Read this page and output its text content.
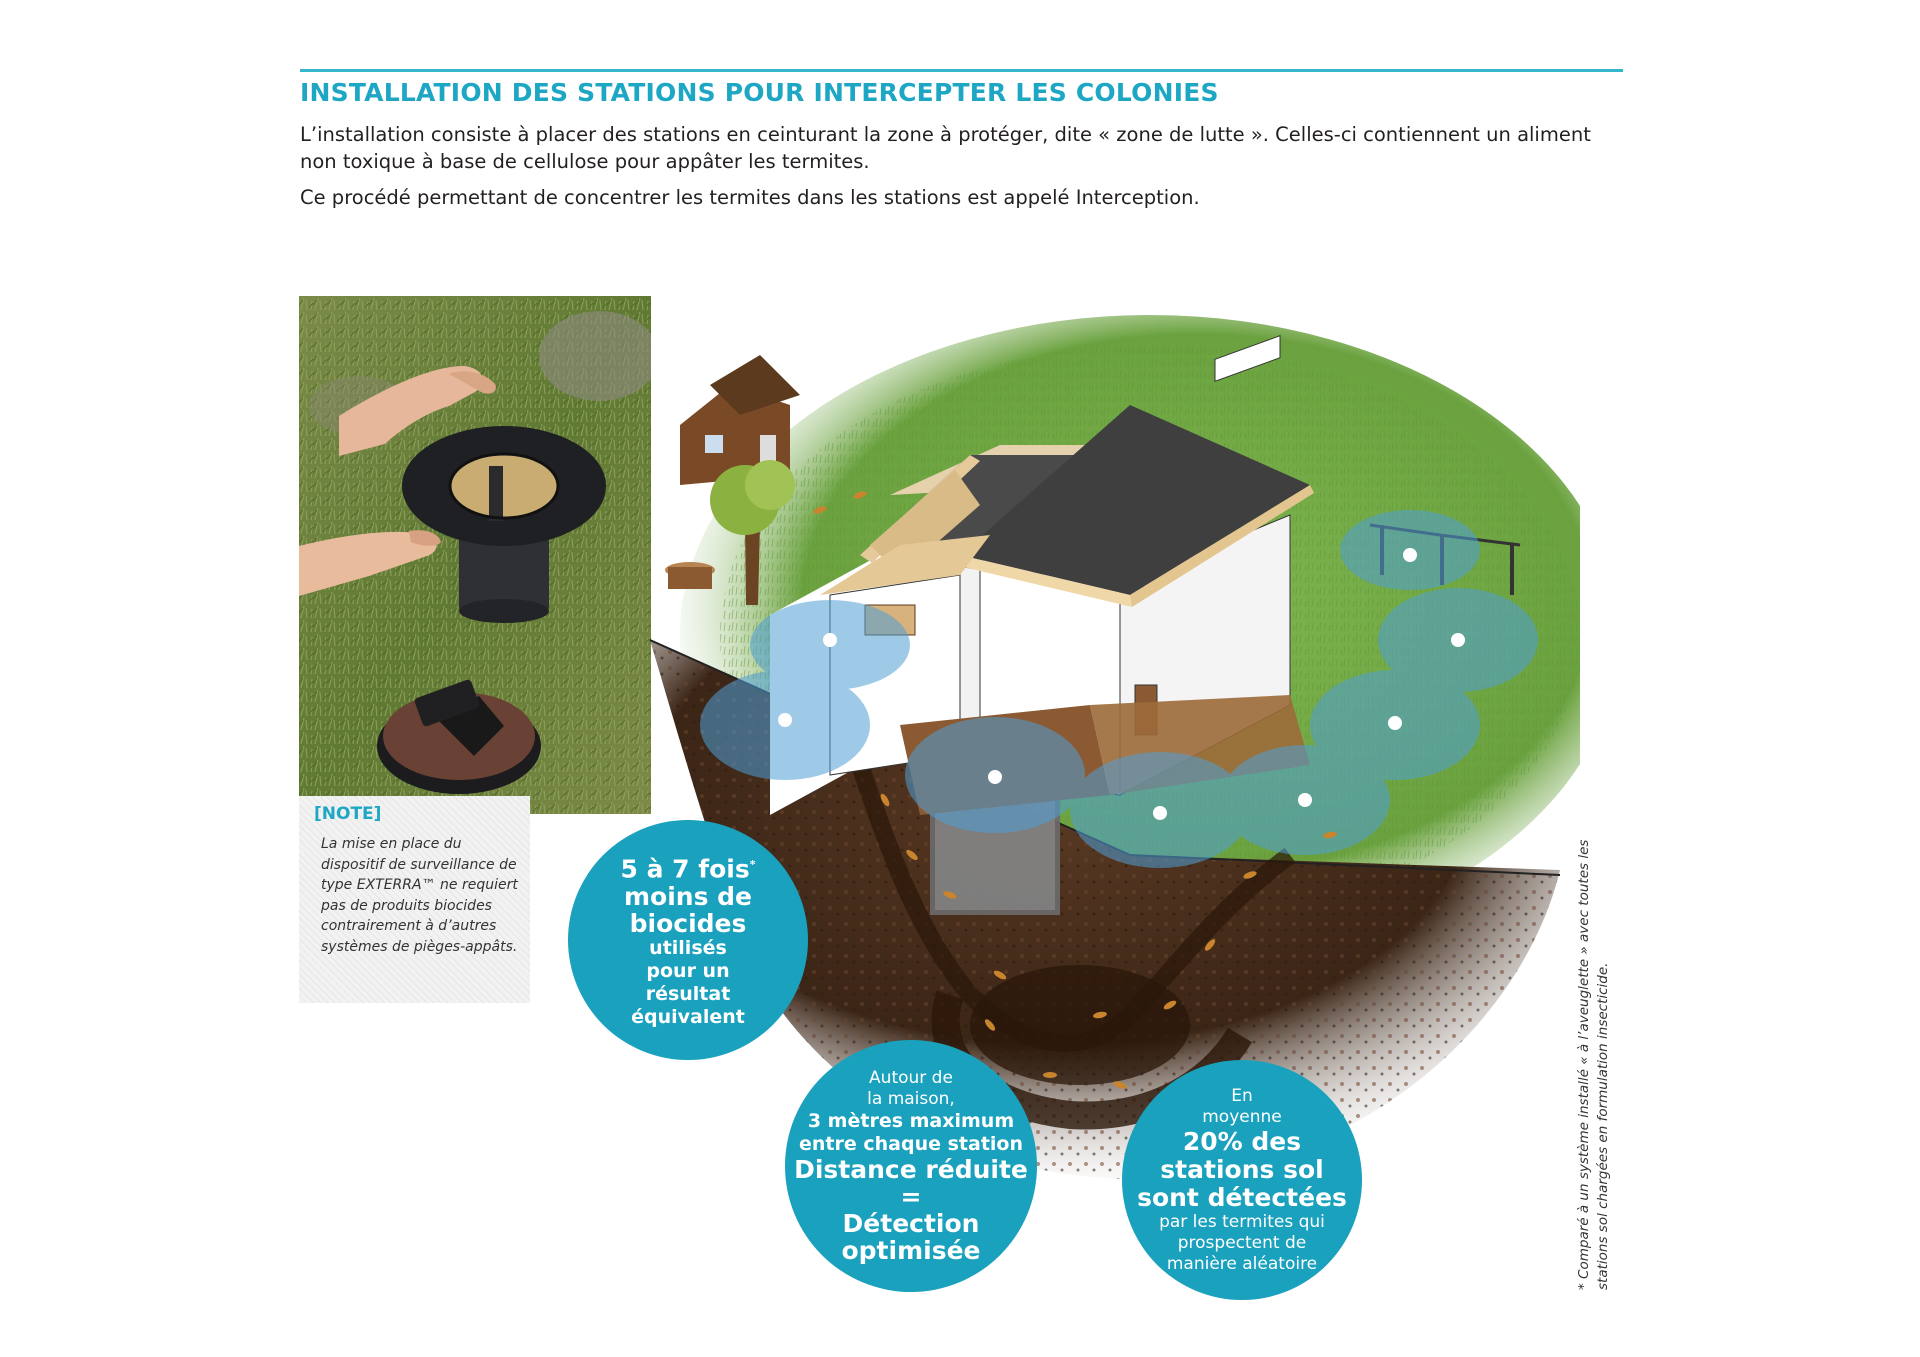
INSTALLATION DES STATIONS POUR INTERCEPTER LES COLONIES

L’installation consiste à placer des stations en ceinturant la zone à protéger, dite « zone de lutte ». Celles-ci contiennent un aliment non toxique à base de cellulose pour appâter les termites.

Ce procédé permettant de concentrer les termites dans les stations est appelé Interception.

[NOTE]
La mise en place du dispositif de surveillance de type EXTERRA™ ne requiert pas de produits biocides contrairement à d’autres systèmes de pièges-appâts.
5 à 7 fois*
moins de
biocides
utilisés
pour un
résultat
équivalent
Autour de
la maison,
3 mètres maximum
entre chaque station
Distance réduite
=
Détection
optimisée
En
moyenne
20% des
stations sol
sont détectées
par les termites qui
prospectent de
manière aléatoire	* Comparé à un système installé « à l’aveuglette » avec toutes les stations sol chargées en formulation insecticide.
